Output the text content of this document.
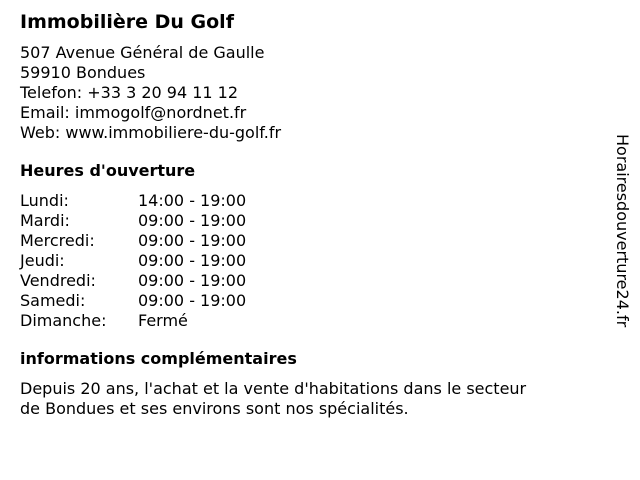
Immobilière Du Golf
507 Avenue Général de Gaulle
59910 Bondues
Telefon: +33 3 20 94 11 12
Email: immogolf@nordnet.fr
Web: www.immobiliere-du-golf.fr
Heures d'ouverture
Lundi:	14:00 - 19:00
Mardi:	09:00 - 19:00
Mercredi:	09:00 - 19:00
Jeudi:	09:00 - 19:00
Vendredi:	09:00 - 19:00
Samedi:	09:00 - 19:00
Dimanche:	Fermé
informations complémentaires
Depuis 20 ans, l'achat et la vente d'habitations dans le secteur de Bondues et ses environs sont nos spécialités.
Horairesdouverture24.fr
